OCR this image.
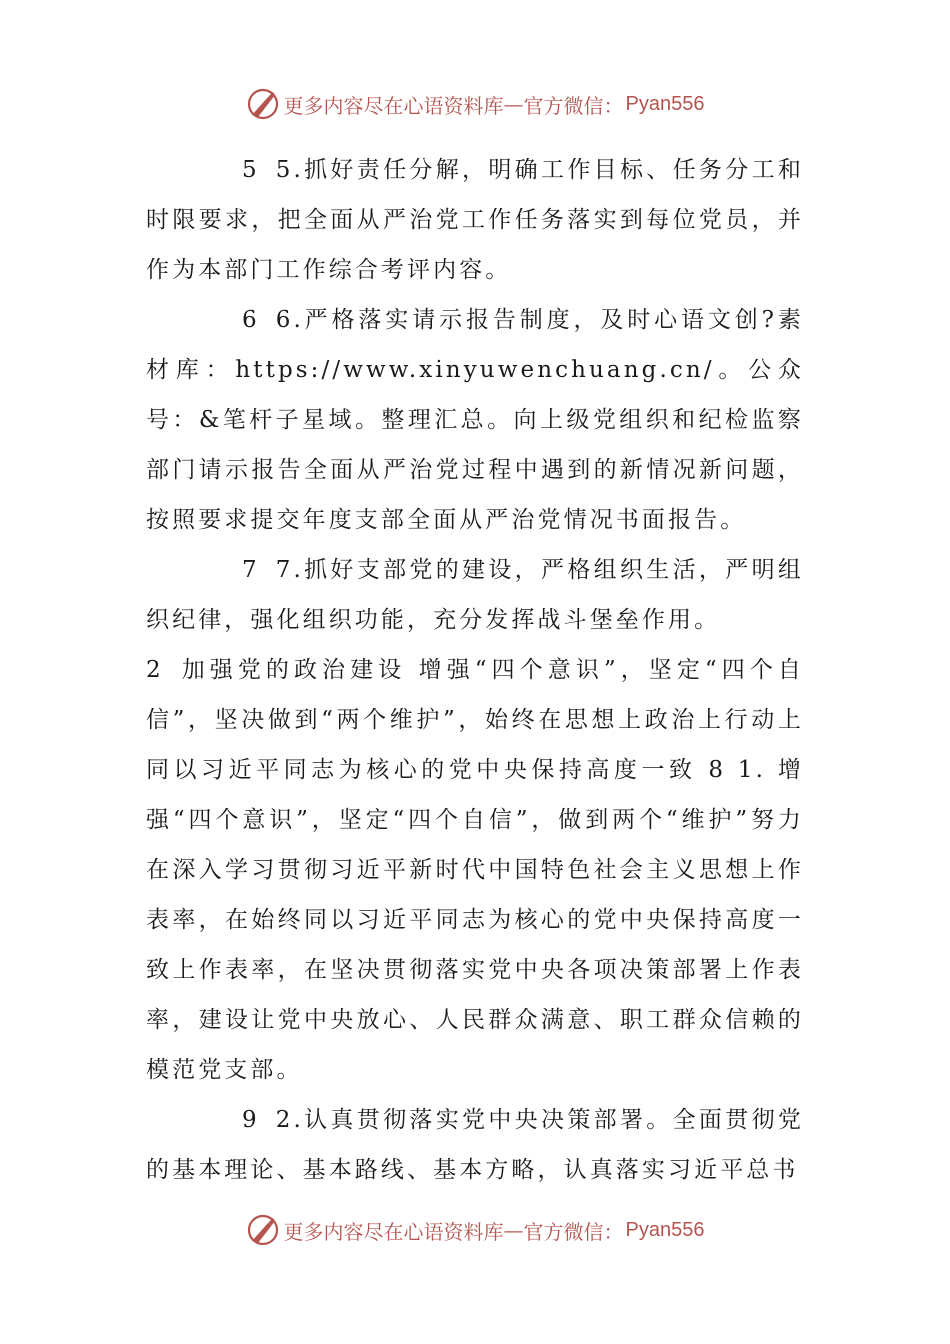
更多内容尽在心语资料库 — 官方微信： Pyan556

5 5.抓好责任分解，明确工作目标、任务分工和时限要求，把全面从严治党工作任务落实到每位党员，并作为本部门工作综合考评内容。

6 6.严格落实请示报告制度，及时心语文创?素材库：https://www.xinyuwenchuang.cn/。公众号：&笔杆子星域。整理汇总。向上级党组织和纪检监察部门请示报告全面从严治党过程中遇到的新情况新问题，按照要求提交年度支部全面从严治党情况书面报告。

7 7.抓好支部党的建设，严格组织生活，严明组织纪律，强化组织功能，充分发挥战斗堡垒作用。

2 加强党的政治建设 增强“四个意识”，坚定“四个自信”，坚决做到“两个维护”，始终在思想上政治上行动上同以习近平同志为核心的党中央保持高度一致 8 1. 增强“四个意识”，坚定“四个自信”，做到两个“维护”努力在深入学习贯彻习近平新时代中国特色社会主义思想上作表率，在始终同以习近平同志为核心的党中央保持高度一致上作表率，在坚决贯彻落实党中央各项决策部署上作表率，建设让党中央放心、人民群众满意、职工群众信赖的模范党支部。

9 2.认真贯彻落实党中央决策部署。全面贯彻党的基本理论、基本路线、基本方略，认真落实习近平总书

更多内容尽在心语资料库 — 官方微信： Pyan556
